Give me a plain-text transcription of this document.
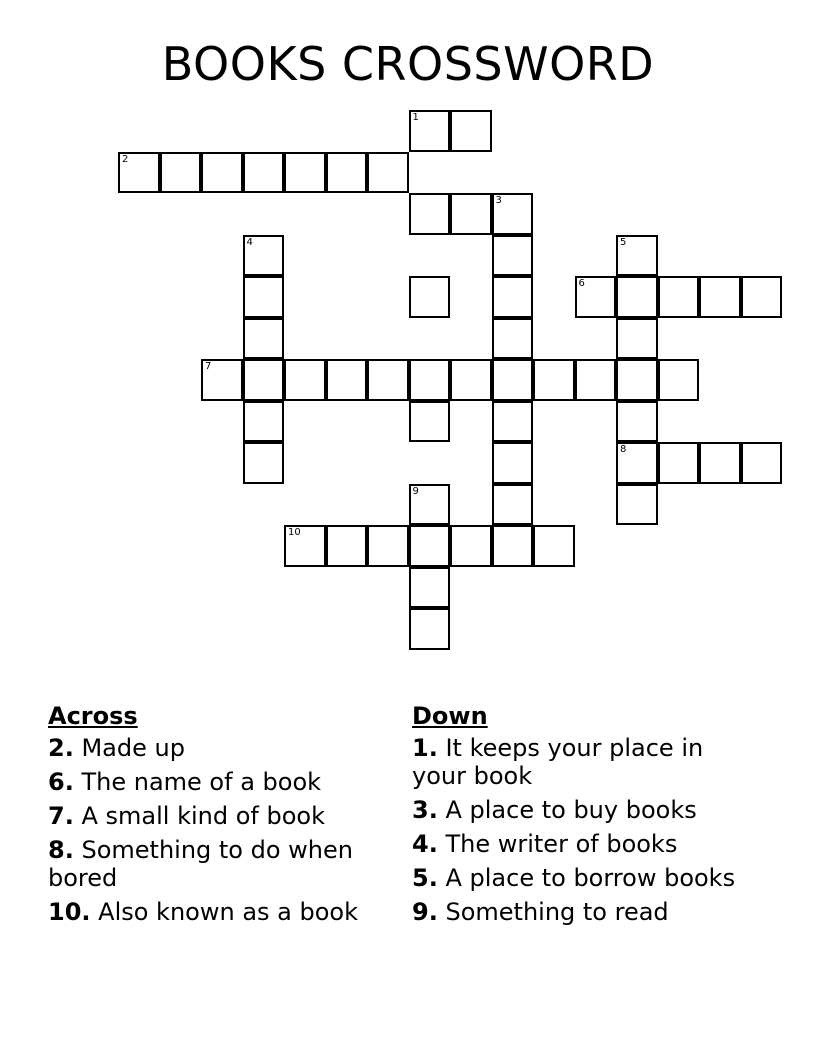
BOOKS CROSSWORD
1
2
3
4	5
6
7
8
9
10
Across
2. Made up
6. The name of a book
7. A small kind of book
8. Something to do when bored
10. Also known as a book
Down
1. It keeps your place in your book
3. A place to buy books
4. The writer of books
5. A place to borrow books
9. Something to read
